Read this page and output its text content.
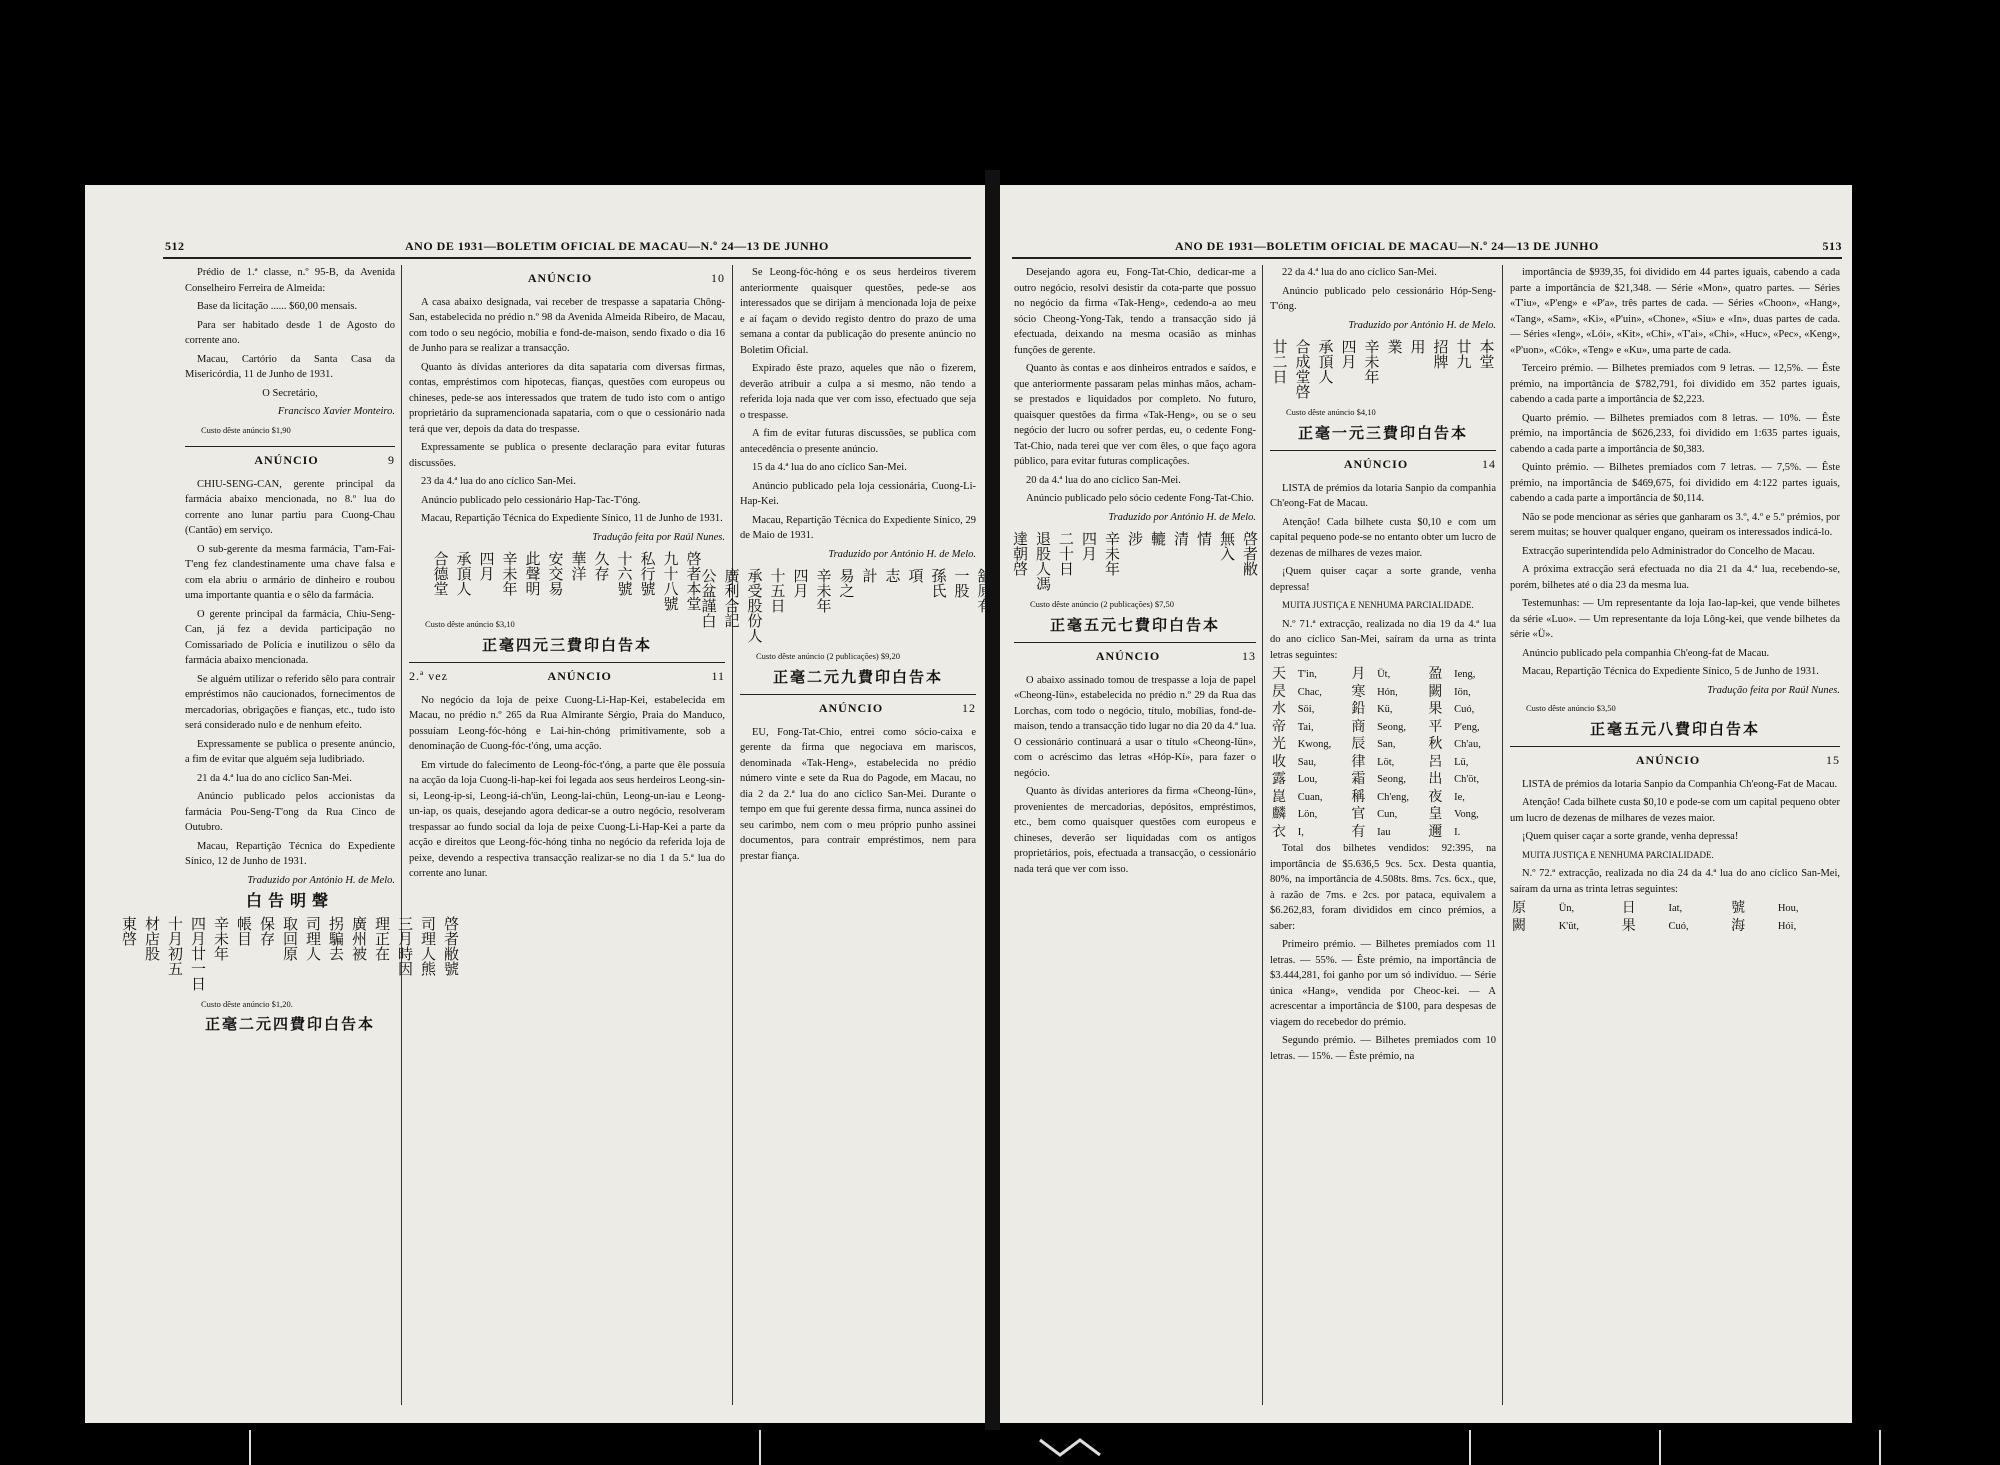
512	ANO DE 1931—BOLETIM OFICIAL DE MACAU—N.º 24—13 DE JUNHO

Prédio de 1.ª classe, n.º 95-B, da Avenida Conselheiro Ferreira de Almeida:

Base da licitação ...... $60,00 mensais.

Para ser habitado desde 1 de Agosto do corrente ano.

Macau, Cartório da Santa Casa da Misericórdia, 11 de Junho de 1931.

O Secretário,
Francisco Xavier Monteiro.
Custo dêste anúncio $1,90
ANÚNCIO	9

CHIU-SENG-CAN, gerente principal da farmácia abaixo mencionada, no 8.º lua do corrente ano lunar partiu para Cuong-Chau (Cantão) em serviço.

O sub-gerente da mesma farmácia, T'am-Fai-T'eng fez clandestinamente uma chave falsa e com ela abriu o armário de dinheiro e roubou uma importante quantia e o sêlo da farmácia.

O gerente principal da farmácia, Chiu-Seng-Can, já fez a devida participação no Comissariado de Polícia e inutilizou o sêlo da farmácia abaixo mencionada.

Se alguém utilizar o referido sêlo para contrair empréstimos não caucionados, fornecimentos de mercadorias, obrigações e fianças, etc., tudo isto será considerado nulo e de nenhum efeito.

Expressamente se publica o presente anúncio, a fim de evitar que alguém seja ludibriado.

21 da 4.ª lua do ano cíclico San-Mei.

Anúncio publicado pelos accionistas da farmácia Pou-Seng-T'ong da Rua Cinco de Outubro.

Macau, Repartição Técnica do Expediente Sínico, 12 de Junho de 1931.

Traduzido por António H. de Melo.
白告明聲
啓者敝號
司理人熊
三月時因
理正在
廣州被
拐騙去
司理人
取回原
保存
帳目
辛未年
四月廿一日
十月初五
材店股
東啓
Custo dêste anúncio $1,20.
正毫二元四費印白告本
ANÚNCIO	10

A casa abaixo designada, vai receber de trespasse a sapataria Chông-San, estabelecida no prédio n.º 98 da Avenida Almeida Ribeiro, de Macau, com todo o seu negócio, mobília e fond-de-maison, sendo fixado o dia 16 de Junho para se realizar a transacção.

Quanto às dívidas anteriores da dita sapataria com diversas firmas, contas, empréstimos com hipotecas, fianças, questões com europeus ou chineses, pede-se aos interessados que tratem de tudo isto com o antigo proprietário da supramencionada sapataria, com o que o cessionário nada terá que ver, depois da data do trespasse.

Expressamente se publica o presente declaração para evitar futuras discussões.

23 da 4.ª lua do ano cíclico San-Mei.

Anúncio publicado pelo cessionário Hap-Tac-T'óng.

Macau, Repartição Técnica do Expediente Sínico, 11 de Junho de 1931.

Tradução feita por Raúl Nunes.
啓者本堂
九十八號
私行號
十六號
久存
華洋
安交易
此聲明
辛未年
四月
承頂人
合德堂
Custo dêste anúncio $3,10
正毫四元三費印白告本
2.ª vez	ANÚNCIO	11

No negócio da loja de peixe Cuong-Li-Hap-Kei, estabelecida em Macau, no prédio n.º 265 da Rua Almirante Sérgio, Praia do Manduco, possuíam Leong-fóc-hóng e Lai-hin-chóng primitivamente, sob a denominação de Cuong-fóc-t'óng, uma acção.

Em virtude do falecimento de Leong-fóc-t'óng, a parte que êle possuía na acção da loja Cuong-li-hap-kei foi legada aos seus herdeiros Leong-sin-si, Leong-ip-si, Leong-iá-ch'ün, Leong-lai-chün, Leong-un-iau e Leong-un-iap, os quais, desejando agora dedicar-se a outro negócio, resolveram trespassar ao fundo social da loja de peixe Cuong-Li-Hap-Kei a parte da acção e direitos que Leong-fóc-hóng tinha no negócio da referida loja de peixe, devendo a respectiva transacção realizar-se no dia 1 da 5.ª lua do corrente ano lunar.

Se Leong-fóc-hóng e os seus herdeiros tiverem anteriormente quaisquer questões, pede-se aos interessados que se dirijam à mencionada loja de peixe e aí façam o devido registo dentro do prazo de uma semana a contar da publicação do presente anúncio no Boletim Oficial.

Expirado êste prazo, aqueles que não o fizerem, deverão atribuir a culpa a si mesmo, não tendo a referida loja nada que ver com isso, efectuado que seja o trespasse.

A fim de evitar futuras discussões, se publica com antecedência o presente anúncio.

15 da 4.ª lua do ano cíclico San-Mei.

Anúncio publicado pela loja cessionária, Cuong-Li-Hap-Kei.

Macau, Repartição Técnica do Expediente Sínico, 29 de Maio de 1931.

Traduzido por António H. de Melo.
舖原有
一股
孫氏
項
志
計
易之
辛未年
四月
十五日
承受股份人
廣利合記
公盆謹白
Custo dêste anúncio (2 publicações) $9,20
正毫二元九費印白告本
ANÚNCIO	12

EU, Fong-Tat-Chio, entrei como sócio-caixa e gerente da firma que negociava em mariscos, denominada «Tak-Heng», estabelecida no prédio número vinte e sete da Rua do Pagode, em Macau, no dia 2 da 2.ª lua do ano cíclico San-Mei. Durante o tempo em que fui gerente dessa firma, nunca assinei do seu carimbo, nem com o meu próprio punho assinei documentos, para contrair empréstimos, nem para prestar fiança.

ANO DE 1931—BOLETIM OFICIAL DE MACAU—N.º 24—13 DE JUNHO	513

Desejando agora eu, Fong-Tat-Chio, dedicar-me a outro negócio, resolvi desistir da cota-parte que possuo no negócio da firma «Tak-Heng», cedendo-a ao meu sócio Cheong-Yong-Tak, tendo a transacção sido já efectuada, deixando na mesma ocasião as minhas funções de gerente.

Quanto às contas e aos dinheiros entrados e saídos, e que anteriormente passaram pelas minhas mãos, acham-se prestados e liquidados por completo. No futuro, quaisquer questões da firma «Tak-Heng», ou se o seu negócio der lucro ou sofrer perdas, eu, o cedente Fong-Tat-Chio, nada terei que ver com êles, o que faço agora público, para evitar futuras complicações.

20 da 4.ª lua do ano cíclico San-Mei.

Anúncio publicado pelo sócio cedente Fong-Tat-Chio.

Traduzido por António H. de Melo.
啓者敝
無入
情
清
轆
涉
辛未年
四月
二十日
退股人馮
達朝啓
Custo dêste anúncio (2 publicações) $7,50
正毫五元七費印白告本
ANÚNCIO	13

O abaixo assinado tomou de trespasse a loja de papel «Cheong-Iün», estabelecida no prédio n.º 29 da Rua das Lorchas, com todo o negócio, título, mobílias, fond-de-maison, tendo a transacção tido lugar no dia 20 da 4.ª lua. O cessionário continuará a usar o título «Cheong-Iün», com o acréscimo das letras «Hóp-Kí», para fazer o negócio.

Quanto às dívidas anteriores da firma «Cheong-Iün», provenientes de mercadorias, depósitos, empréstimos, etc., bem como quaisquer questões com europeus e chineses, deverão ser liquidadas com os antigos proprietários, pois, efectuada a transacção, o cessionário nada terá que ver com isso.

22 da 4.ª lua do ano cíclico San-Mei.

Anúncio publicado pelo cessionário Hóp-Seng-T'óng.

Traduzido por António H. de Melo.
本堂
廿九
招牌
用
業
辛未年
四月
承頂人
合成堂啓
廿二日
Custo dêste anúncio $4,10
正毫一元三費印白告本
ANÚNCIO	14

LISTA de prémios da lotaria Sanpio da companhia Ch'eong-Fat de Macau.

Atenção! Cada bilhete custa $0,10 e com um capital pequeno pode-se no entanto obter um lucro de dezenas de milhares de vezes maior.

¡Quem quiser caçar a sorte grande, venha depressa!

MUITA JUSTIÇA E NENHUMA PARCIALIDADE.

N.º 71.ª extracção, realizada no dia 19 da 4.ª lua do ano cíclico San-Mei, saíram da urna as trinta letras seguintes:

天	T'in,	月	Üt,	盈	Ieng,
昃	Chac,	寒	Hón,	闕	Iön,
水	Söi,	鉛	Kü,	果	Cuó,
帝	Tai,	商	Seong,	平	P'eng,
光	Kwong,	辰	San,	秋	Ch'au,
收	Sau,	律	Löt,	呂	Lü,
露	Lou,	霜	Seong,	出	Ch'öt,
崑	Cuan,	稱	Ch'eng,	夜	Ie,
麟	Lön,	官	Cun,	皇	Vong,
衣	I,	有	Iau	邇	I.

Total dos bilhetes vendidos: 92:395, na importância de $5.636,5 9cs. 5cx. Desta quantia, 80%, na importância de 4.508ts. 8ms. 7cs. 6cx., que, à razão de 7ms. e 2cs. por pataca, equivalem a $6.262,83, foram divididos em cinco prémios, a saber:

Primeiro prémio. — Bilhetes premiados com 11 letras. — 55%. — Êste prémio, na importância de $3.444,281, foi ganho por um só indivíduo. — Série única «Hang», vendida por Cheoc-kei. — A acrescentar a importância de $100, para despesas de viagem do recebedor do prémio.

Segundo prémio. — Bilhetes premiados com 10 letras. — 15%. — Êste prémio, na

importância de $939,35, foi dividido em 44 partes iguais, cabendo a cada parte a importância de $21,348. — Série «Mon», quatro partes. — Séries «T'iu», «P'eng» e «P'a», três partes de cada. — Séries «Choon», «Hang», «Tang», «Sam», «Ki», «P'uin», «Chone», «Siu» e «In», duas partes de cada. — Séries «Ieng», «Lói», «Kit», «Chi», «T'ai», «Chi», «Huc», «Pec», «Keng», «P'uon», «Cók», «Teng» e «Ku», uma parte de cada.

Terceiro prémio. — Bilhetes premiados com 9 letras. — 12,5%. — Êste prémio, na importância de $782,791, foi dividido em 352 partes iguais, cabendo a cada parte a importância de $2,223.

Quarto prémio. — Bilhetes premiados com 8 letras. — 10%. — Êste prémio, na importância de $626,233, foi dividido em 1:635 partes iguais, cabendo a cada parte a importância de $0,383.

Quinto prémio. — Bilhetes premiados com 7 letras. — 7,5%. — Êste prémio, na importância de $469,675, foi dividido em 4:122 partes iguais, cabendo a cada parte a importância de $0,114.

Não se pode mencionar as séries que ganharam os 3.º, 4.º e 5.º prémios, por serem muitas; se houver qualquer engano, queiram os interessados indicá-lo.

Extracção superintendida pelo Administrador do Concelho de Macau.

A próxima extracção será efectuada no dia 21 da 4.ª lua, recebendo-se, porém, bilhetes até o dia 23 da mesma lua.

Testemunhas: — Um representante da loja Iao-lap-kei, que vende bilhetes da série «Luo». — Um representante da loja Lông-kei, que vende bilhetes da série «Ü».

Anúncio publicado pela companhia Ch'eong-fat de Macau.

Macau, Repartição Técnica do Expediente Sínico, 5 de Junho de 1931.

Tradução feita por Raúl Nunes.
Custo dêste anúncio $3,50
正毫五元八費印白告本
ANÚNCIO	15

LISTA de prémios da lotaria Sanpio da Companhia Ch'eong-Fat de Macau.

Atenção! Cada bilhete custa $0,10 e pode-se com um capital pequeno obter um lucro de dezenas de milhares de vezes maior.

¡Quem quiser caçar a sorte grande, venha depressa!

MUITA JUSTIÇA E NENHUMA PARCIALIDADE.

N.º 72.ª extracção, realizada no dia 24 da 4.ª lua do ano cíclico San-Mei, saíram da urna as trinta letras seguintes:

原	Ün,	日	Iat,	號	Hou,
闕	K'üt,	果	Cuó,	海	Hói,
